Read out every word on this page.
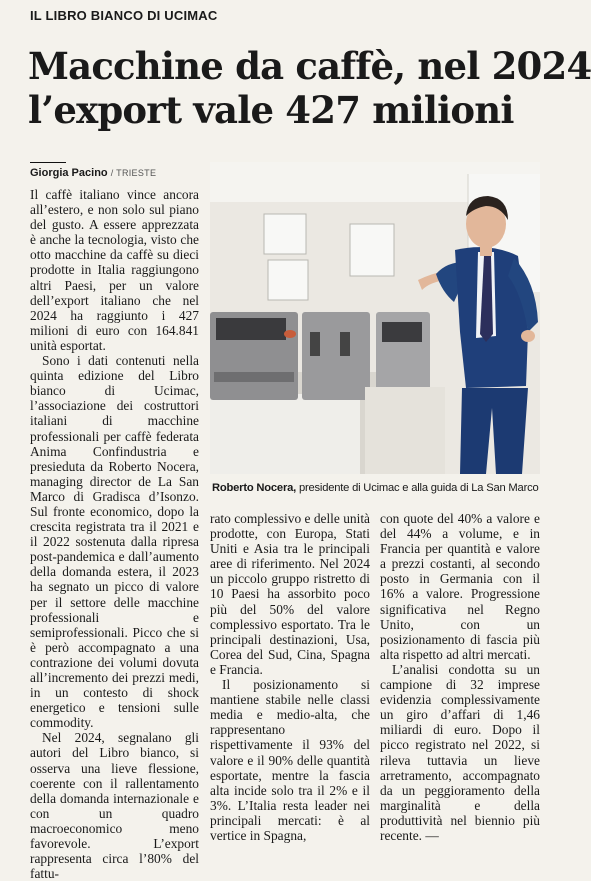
IL LIBRO BIANCO DI UCIMAC
Macchine da caffè, nel 2024
l’export vale 427 milioni
Giorgia Pacino / TRIESTE

Il caffè italiano vince ancora all’estero, e non solo sul piano del gusto. A essere apprezzata è anche la tecnologia, visto che otto macchine da caffè su dieci prodotte in Italia raggiungono altri Paesi, per un valore dell’export italiano che nel 2024 ha raggiunto i 427 milioni di euro con 164.841 unità esportat.

Sono i dati contenuti nella quinta edizione del Libro bianco di Ucimac, l’associazione dei costruttori italiani di macchine professionali per caffè federata Anima Confindustria e presieduta da Roberto Nocera, managing director de La San Marco di Gradisca d’Isonzo. Sul fronte economico, dopo la crescita registrata tra il 2021 e il 2022 sostenuta dalla ripresa post-pandemica e dall’aumento della domanda estera, il 2023 ha segnato un picco di valore per il settore delle macchine professionali e semiprofessionali. Picco che si è però accompagnato a una contrazione dei volumi dovuta all’incremento dei prezzi medi, in un contesto di shock energetico e tensioni sulle commodity.

Nel 2024, segnalano gli autori del Libro bianco, si osserva una lieve flessione, coerente con il rallentamento della domanda internazionale e con un quadro macroeconomico meno favorevole. L’export rappresenta circa l’80% del fattu-

Roberto Nocera, presidente di Ucimac e alla guida di La San Marco

rato complessivo e delle unità prodotte, con Europa, Stati Uniti e Asia tra le principali aree di riferimento. Nel 2024 un piccolo gruppo ristretto di 10 Paesi ha assorbito poco più del 50% del valore complessivo esportato. Tra le principali destinazioni, Usa, Corea del Sud, Cina, Spagna e Francia.

Il posizionamento si mantiene stabile nelle classi media e medio-alta, che rappresentano rispettivamente il 93% del valore e il 90% delle quantità esportate, mentre la fascia alta incide solo tra il 2% e il 3%. L’Italia resta leader nei principali mercati: è al vertice in Spagna,

con quote del 40% a valore e del 44% a volume, e in Francia per quantità e valore a prezzi costanti, al secondo posto in Germania con il 16% a valore. Progressione significativa nel Regno Unito, con un posizionamento di fascia più alta rispetto ad altri mercati.

L’analisi condotta su un campione di 32 imprese evidenzia complessivamente un giro d’affari di 1,46 miliardi di euro. Dopo il picco registrato nel 2022, si rileva tuttavia un lieve arretramento, accompagnato da un peggioramento della marginalità e della produttività nel biennio più recente. —
